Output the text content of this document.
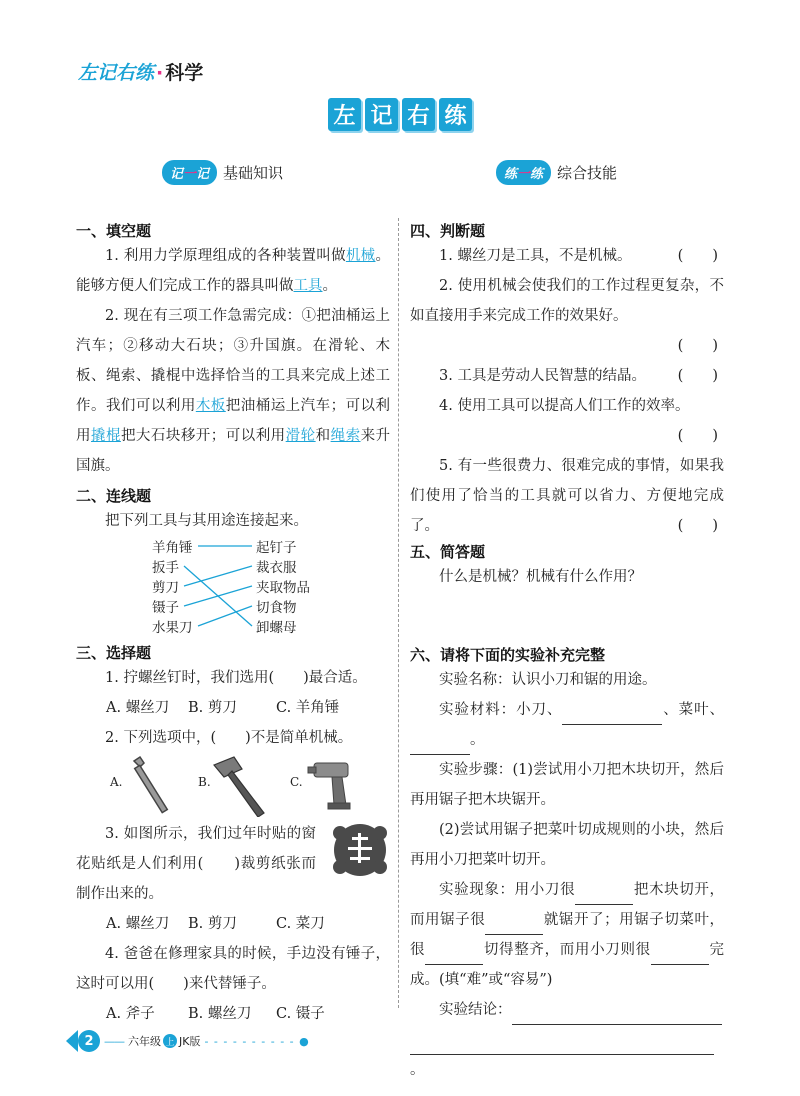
左记右练 · 科学
左 记 右 练
记一记 基础知识	练一练 综合技能
一、填空题
1. 利用力学原理组成的各种装置叫做机械。能够方便人们完成工作的器具叫做工具。
2. 现在有三项工作急需完成：①把油桶运上汽车；②移动大石块；③升国旗。在滑轮、木板、绳索、撬棍中选择恰当的工具来完成上述工作。我们可以利用木板把油桶运上汽车；可以利用撬棍把大石块移开；可以利用滑轮和绳索来升国旗。
二、连线题
把下列工具与其用途连接起来。
羊角锤
扳手
剪刀
镊子
水果刀
起钉子
裁衣服
夹取物品
切食物
卸螺母
三、选择题
1. 拧螺丝钉时，我们选用(　　)最合适。
A. 螺丝刀	B. 剪刀	C. 羊角锤
2. 下列选项中，(　　)不是简单机械。
A.	B.	C.
3. 如图所示，我们过年时贴的窗花贴纸是人们利用(　　)裁剪纸张而制作出来的。
A. 螺丝刀	B. 剪刀	C. 菜刀
4. 爸爸在修理家具的时候，手边没有锤子，这时可以用(　　)来代替锤子。
A. 斧子	B. 螺丝刀	C. 镊子
四、判断题
1. 螺丝刀是工具，不是机械。	(　　)
2. 使用机械会使我们的工作过程更复杂，不如直接用手来完成工作的效果好。
(　　)
3. 工具是劳动人民智慧的结晶。	(　　)
4. 使用工具可以提高人们工作的效率。
(　　)
5. 有一些很费力、很难完成的事情，如果我们使用了恰当的工具就可以省力、方便地完成了。	(　　)
五、简答题
什么是机械？机械有什么作用？
六、请将下面的实验补充完整
实验名称：认识小刀和锯的用途。
实验材料：小刀、	、菜叶、。
实验步骤：(1)尝试用小刀把木块切开，然后再用锯子把木块锯开。
(2)尝试用锯子把菜叶切成规则的小块，然后再用小刀把菜叶切开。
实验现象：用小刀很	把木块切开，而用锯子很	就锯开了；用锯子切菜叶，很	切得整齐，而用小刀则很	完成。(填“难”或“容易”)
实验结论：
。
2 —— 六年级 上 JK版 - - - - - - - - - - ●
